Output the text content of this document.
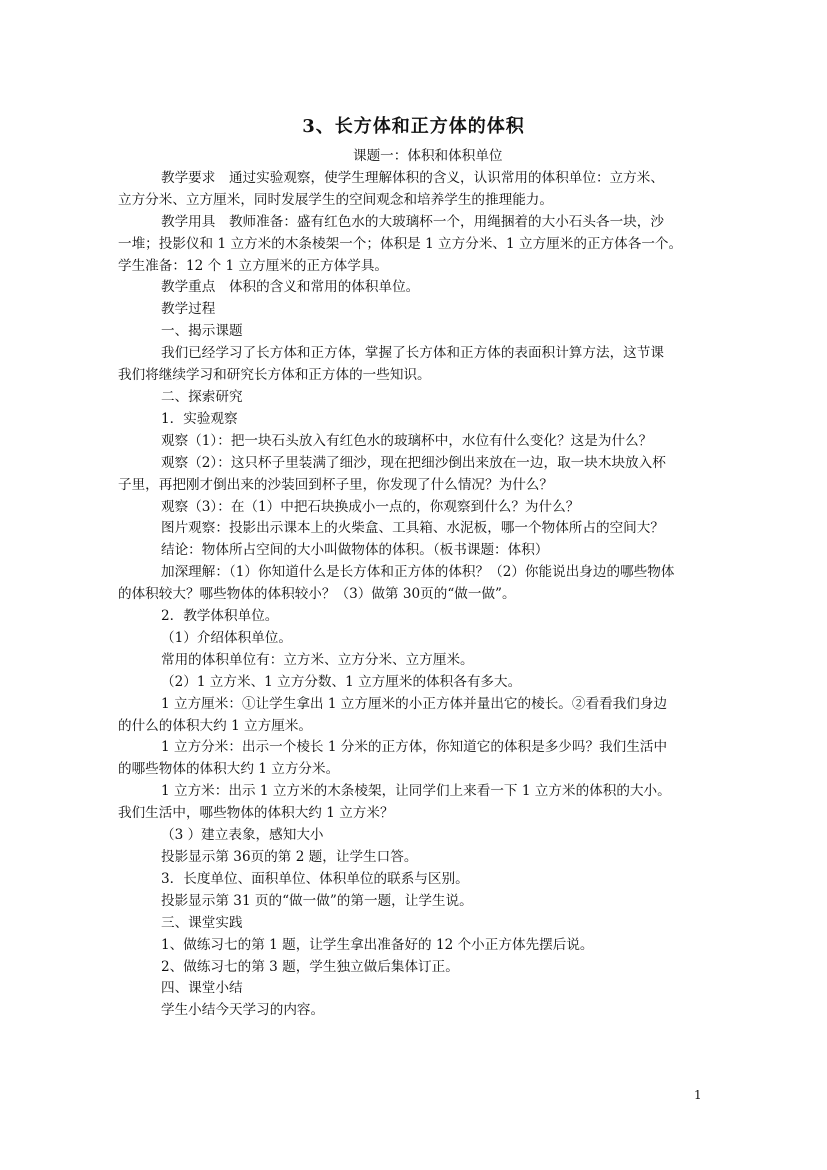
3、长方体和正方体的体积
课题一：体积和体积单位
教学要求　通过实验观察，使学生理解体积的含义，认识常用的体积单位：立方米、
立方分米、立方厘米，同时发展学生的空间观念和培养学生的推理能力。
教学用具　教师准备：盛有红色水的大玻璃杯一个，用绳捆着的大小石头各一块，沙
一堆；投影仪和 1 立方米的木条棱架一个；体积是 1 立方分米、1 立方厘米的正方体各一个。
学生准备：12 个 1 立方厘米的正方体学具。
教学重点　体积的含义和常用的体积单位。
教学过程
一、揭示课题
我们已经学习了长方体和正方体，掌握了长方体和正方体的表面积计算方法，这节课
我们将继续学习和研究长方体和正方体的一些知识。
二、探索研究
1．实验观察
观察（1）：把一块石头放入有红色水的玻璃杯中，水位有什么变化？这是为什么？
观察（2）：这只杯子里装满了细沙，现在把细沙倒出来放在一边，取一块木块放入杯
子里，再把刚才倒出来的沙装回到杯子里，你发现了什么情况？为什么？
观察（3）：在（1）中把石块换成小一点的，你观察到什么？为什么？
图片观察：投影出示课本上的火柴盒、工具箱、水泥板，哪一个物体所占的空间大？
结论：物体所占空间的大小叫做物体的体积。（板书课题：体积）
加深理解：（1）你知道什么是长方体和正方体的体积？（2）你能说出身边的哪些物体
的体积较大？哪些物体的体积较小？（3）做第 30页的“做一做”。
2．教学体积单位。
（1）介绍体积单位。
常用的体积单位有：立方米、立方分米、立方厘米。
（2）1 立方米、1 立方分数、1 立方厘米的体积各有多大。
1 立方厘米：①让学生拿出 1 立方厘米的小正方体并量出它的棱长。②看看我们身边
的什么的体积大约 1 立方厘米。
1 立方分米：出示一个棱长 1 分米的正方体，你知道它的体积是多少吗？我们生活中
的哪些物体的体积大约 1 立方分米。
1 立方米：出示 1 立方米的木条棱架，让同学们上来看一下 1 立方米的体积的大小。
我们生活中，哪些物体的体积大约 1 立方米？
（3 ）建立表象，感知大小
投影显示第 36页的第 2 题，让学生口答。
3．长度单位、面积单位、体积单位的联系与区别。
投影显示第 31 页的“做一做”的第一题，让学生说。
三、课堂实践
1、做练习七的第 1 题，让学生拿出准备好的 12 个小正方体先摆后说。
2、做练习七的第 3 题，学生独立做后集体订正。
四、课堂小结
学生小结今天学习的内容。
1
